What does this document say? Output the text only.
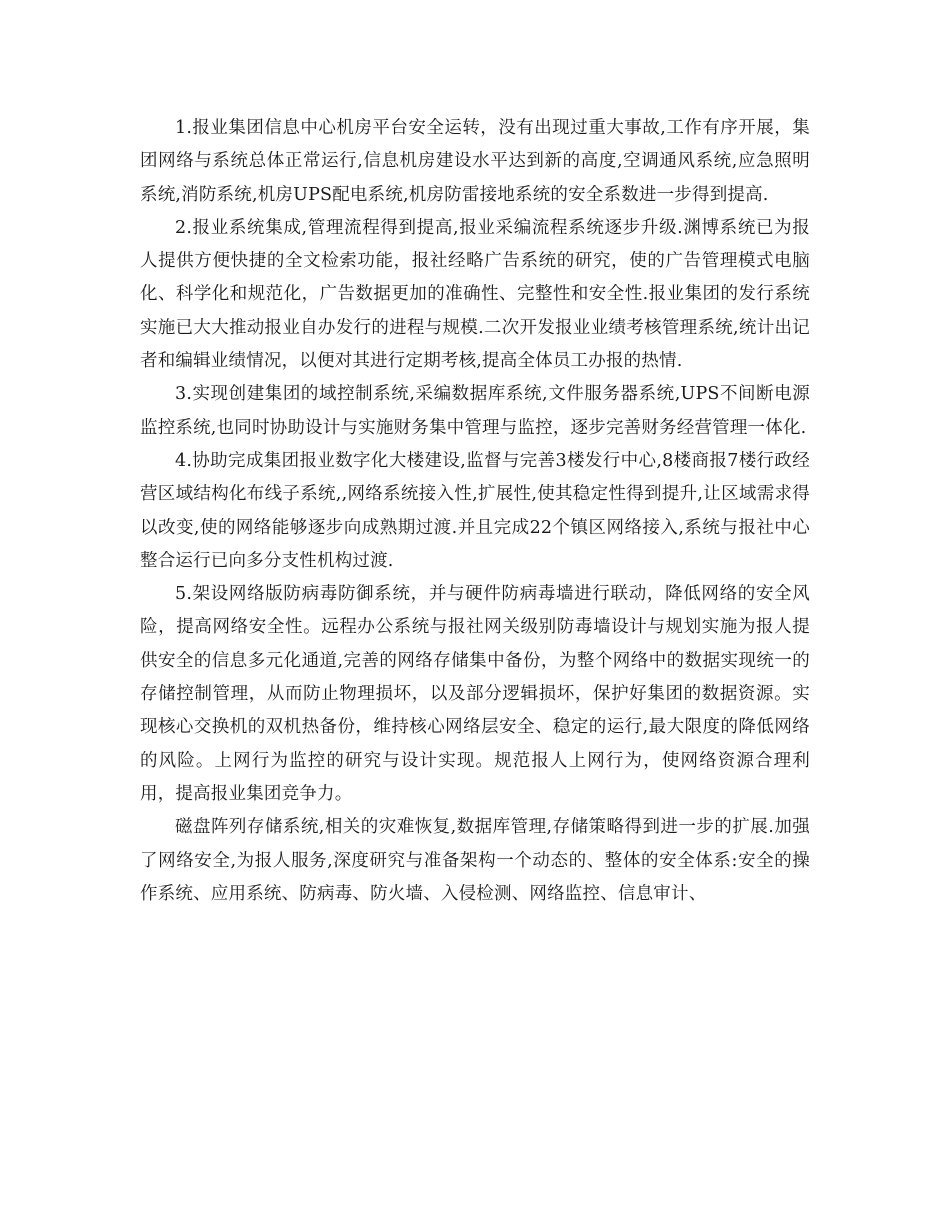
1.报业集团信息中心机房平台安全运转，没有出现过重大事故,工作有序开展，集团网络与系统总体正常运行,信息机房建设水平达到新的高度,空调通风系统,应急照明系统,消防系统,机房UPS配电系统,机房防雷接地系统的安全系数进一步得到提高.

2.报业系统集成,管理流程得到提高,报业采编流程系统逐步升级.渊博系统已为报人提供方便快捷的全文检索功能，报社经略广告系统的研究，使的广告管理模式电脑化、科学化和规范化，广告数据更加的准确性、完整性和安全性.报业集团的发行系统实施已大大推动报业自办发行的进程与规模.二次开发报业业绩考核管理系统,统计出记者和编辑业绩情况，以便对其进行定期考核,提高全体员工办报的热情.

3.实现创建集团的域控制系统,采编数据库系统,文件服务器系统,UPS不间断电源监控系统,也同时协助设计与实施财务集中管理与监控，逐步完善财务经营管理一体化.

4.协助完成集团报业数字化大楼建设,监督与完善3楼发行中心,8楼商报7楼行政经营区域结构化布线子系统,,网络系统接入性,扩展性,使其稳定性得到提升,让区域需求得以改变,使的网络能够逐步向成熟期过渡.并且完成22个镇区网络接入,系统与报社中心整合运行已向多分支性机构过渡.

5.架设网络版防病毒防御系统，并与硬件防病毒墙进行联动，降低网络的安全风险，提高网络安全性。远程办公系统与报社网关级别防毒墙设计与规划实施为报人提供安全的信息多元化通道,完善的网络存储集中备份，为整个网络中的数据实现统一的存储控制管理，从而防止物理损坏，以及部分逻辑损坏，保护好集团的数据资源。实现核心交换机的双机热备份，维持核心网络层安全、稳定的运行,最大限度的降低网络的风险。上网行为监控的研究与设计实现。规范报人上网行为，使网络资源合理利用，提高报业集团竞争力。

磁盘阵列存储系统,相关的灾难恢复,数据库管理,存储策略得到进一步的扩展.加强了网络安全,为报人服务,深度研究与准备架构一个动态的、整体的安全体系:安全的操作系统、应用系统、防病毒、防火墙、入侵检测、网络监控、信息审计、
